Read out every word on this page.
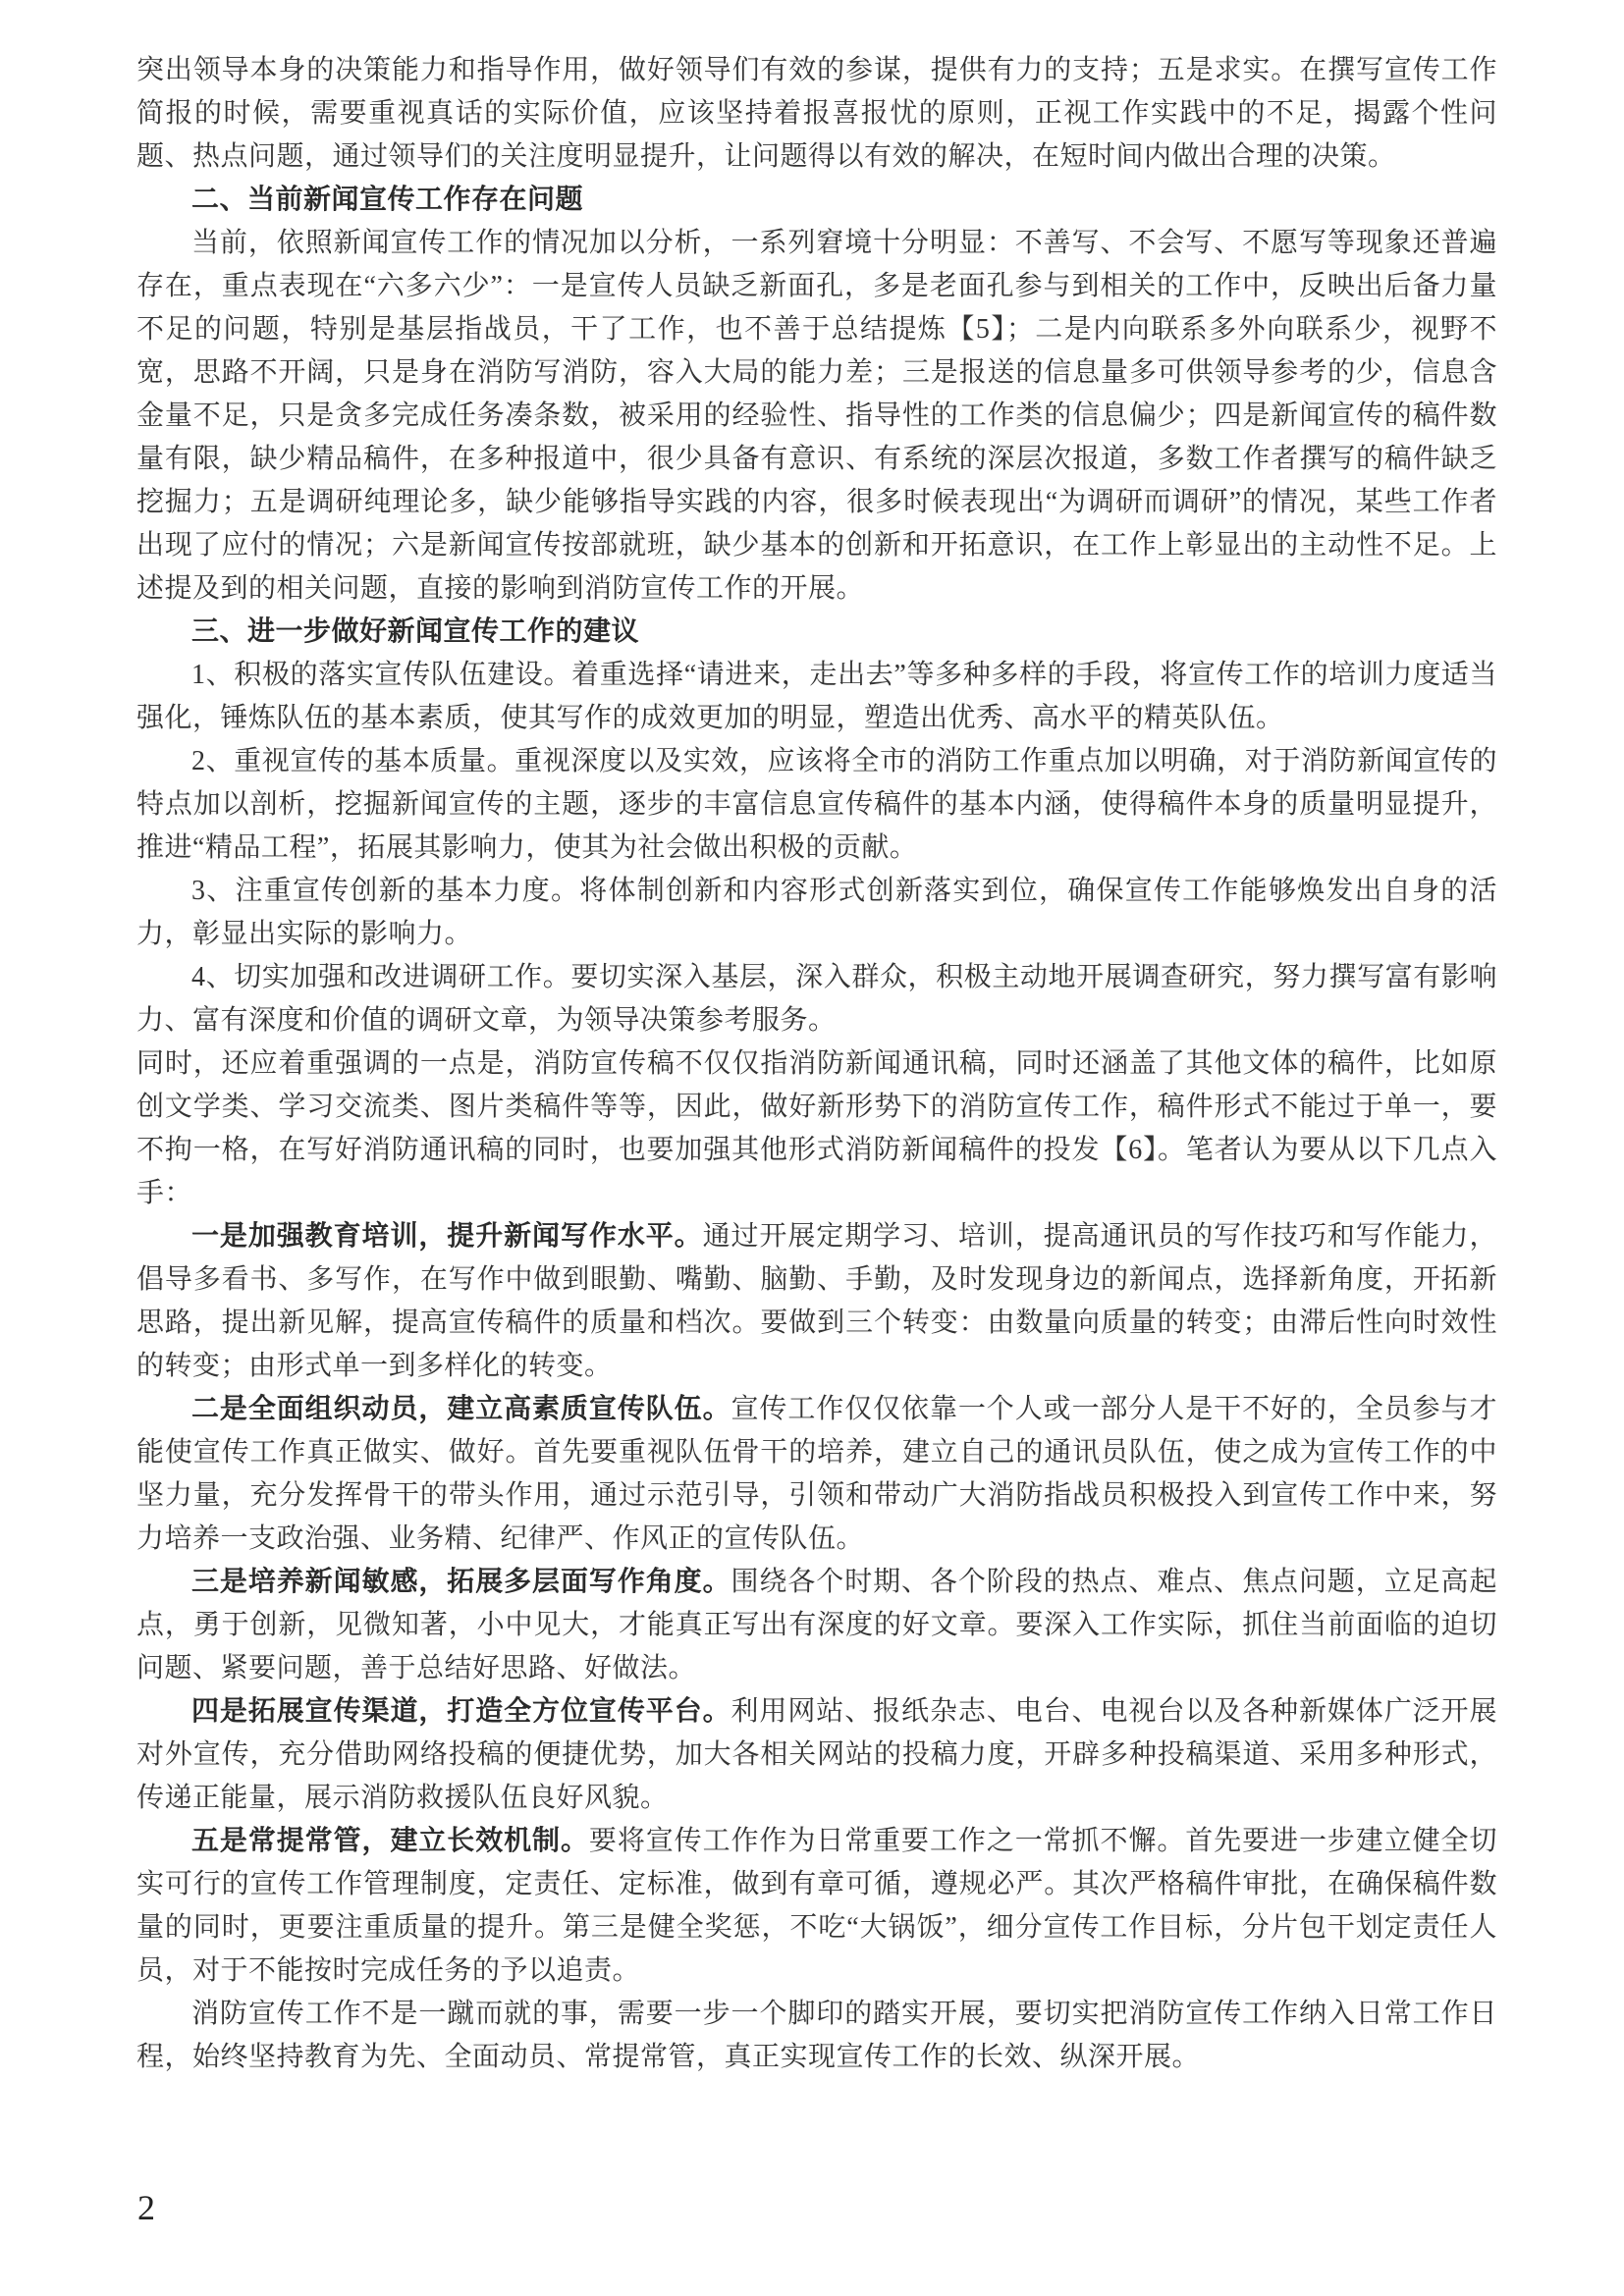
突出领导本身的决策能力和指导作用，做好领导们有效的参谋，提供有力的支持；五是求实。在撰写宣传工作简报的时候，需要重视真话的实际价值，应该坚持着报喜报忧的原则，正视工作实践中的不足，揭露个性问题、热点问题，通过领导们的关注度明显提升，让问题得以有效的解决，在短时间内做出合理的决策。

二、当前新闻宣传工作存在问题

当前，依照新闻宣传工作的情况加以分析，一系列窘境十分明显：不善写、不会写、不愿写等现象还普遍存在，重点表现在“六多六少”：一是宣传人员缺乏新面孔，多是老面孔参与到相关的工作中，反映出后备力量不足的问题，特别是基层指战员，干了工作，也不善于总结提炼【5】；二是内向联系多外向联系少，视野不宽，思路不开阔，只是身在消防写消防，容入大局的能力差；三是报送的信息量多可供领导参考的少，信息含金量不足，只是贪多完成任务凑条数，被采用的经验性、指导性的工作类的信息偏少；四是新闻宣传的稿件数量有限，缺少精品稿件，在多种报道中，很少具备有意识、有系统的深层次报道，多数工作者撰写的稿件缺乏挖掘力；五是调研纯理论多，缺少能够指导实践的内容，很多时候表现出“为调研而调研”的情况，某些工作者出现了应付的情况；六是新闻宣传按部就班，缺少基本的创新和开拓意识，在工作上彰显出的主动性不足。上述提及到的相关问题，直接的影响到消防宣传工作的开展。

三、进一步做好新闻宣传工作的建议

1、积极的落实宣传队伍建设。着重选择“请进来，走出去”等多种多样的手段，将宣传工作的培训力度适当强化，锤炼队伍的基本素质，使其写作的成效更加的明显，塑造出优秀、高水平的精英队伍。

2、重视宣传的基本质量。重视深度以及实效，应该将全市的消防工作重点加以明确，对于消防新闻宣传的特点加以剖析，挖掘新闻宣传的主题，逐步的丰富信息宣传稿件的基本内涵，使得稿件本身的质量明显提升，推进“精品工程”，拓展其影响力，使其为社会做出积极的贡献。

3、注重宣传创新的基本力度。将体制创新和内容形式创新落实到位，确保宣传工作能够焕发出自身的活力，彰显出实际的影响力。

4、切实加强和改进调研工作。要切实深入基层，深入群众，积极主动地开展调查研究，努力撰写富有影响力、富有深度和价值的调研文章，为领导决策参考服务。

同时，还应着重强调的一点是，消防宣传稿不仅仅指消防新闻通讯稿，同时还涵盖了其他文体的稿件，比如原创文学类、学习交流类、图片类稿件等等，因此，做好新形势下的消防宣传工作，稿件形式不能过于单一，要不拘一格，在写好消防通讯稿的同时，也要加强其他形式消防新闻稿件的投发【6】。笔者认为要从以下几点入手：

一是加强教育培训，提升新闻写作水平。通过开展定期学习、培训，提高通讯员的写作技巧和写作能力，倡导多看书、多写作，在写作中做到眼勤、嘴勤、脑勤、手勤，及时发现身边的新闻点，选择新角度，开拓新思路，提出新见解，提高宣传稿件的质量和档次。要做到三个转变：由数量向质量的转变；由滞后性向时效性的转变；由形式单一到多样化的转变。

二是全面组织动员，建立高素质宣传队伍。宣传工作仅仅依靠一个人或一部分人是干不好的，全员参与才能使宣传工作真正做实、做好。首先要重视队伍骨干的培养，建立自己的通讯员队伍，使之成为宣传工作的中坚力量，充分发挥骨干的带头作用，通过示范引导，引领和带动广大消防指战员积极投入到宣传工作中来，努力培养一支政治强、业务精、纪律严、作风正的宣传队伍。

三是培养新闻敏感，拓展多层面写作角度。围绕各个时期、各个阶段的热点、难点、焦点问题，立足高起点，勇于创新，见微知著，小中见大，才能真正写出有深度的好文章。要深入工作实际，抓住当前面临的迫切问题、紧要问题，善于总结好思路、好做法。

四是拓展宣传渠道，打造全方位宣传平台。利用网站、报纸杂志、电台、电视台以及各种新媒体广泛开展对外宣传，充分借助网络投稿的便捷优势，加大各相关网站的投稿力度，开辟多种投稿渠道、采用多种形式，传递正能量，展示消防救援队伍良好风貌。

五是常提常管，建立长效机制。要将宣传工作作为日常重要工作之一常抓不懈。首先要进一步建立健全切实可行的宣传工作管理制度，定责任、定标准，做到有章可循，遵规必严。其次严格稿件审批，在确保稿件数量的同时，更要注重质量的提升。第三是健全奖惩，不吃“大锅饭”，细分宣传工作目标，分片包干划定责任人员，对于不能按时完成任务的予以追责。

消防宣传工作不是一蹴而就的事，需要一步一个脚印的踏实开展，要切实把消防宣传工作纳入日常工作日程，始终坚持教育为先、全面动员、常提常管，真正实现宣传工作的长效、纵深开展。

2
